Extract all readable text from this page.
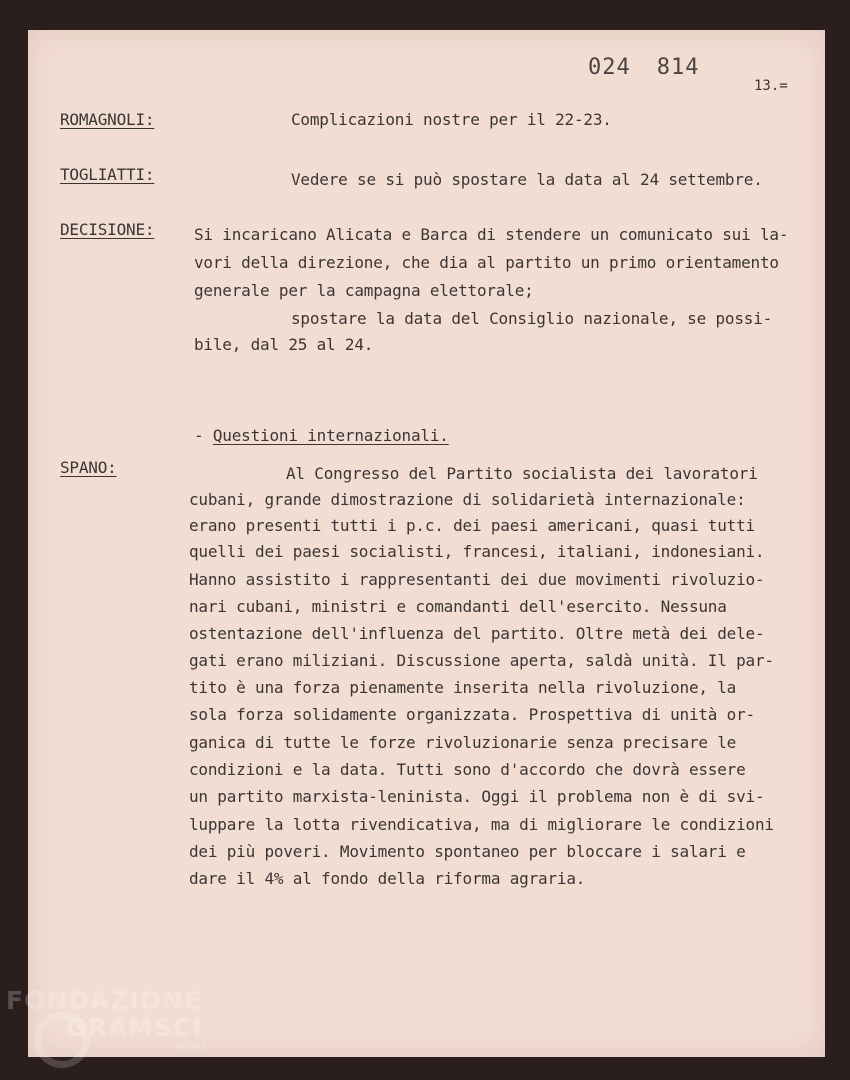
024 814
13.=
ROMAGNOLI:	Complicazioni nostre per il 22-23.
TOGLIATTI:	Vedere se si può spostare la data al 24 settembre.
DECISIONE: Si incaricano Alicata e Barca di stendere un comunicato sui la-
vori della direzione, che dia al partito un primo orientamento
generale per la campagna elettorale;
spostare la data del Consiglio nazionale, se possi-
bile, dal 25 al 24.
- Questioni internazionali.
SPANO:	Al Congresso del Partito socialista dei lavoratori
cubani, grande dimostrazione di solidarietà internazionale:
erano presenti tutti i p.c. dei paesi americani, quasi tutti
quelli dei paesi socialisti, francesi, italiani, indonesiani.
Hanno assistito i rappresentanti dei due movimenti rivoluzio-
nari cubani, ministri e comandanti dell'esercito. Nessuna
ostentazione dell'influenza del partito. Oltre metà dei dele-
gati erano miliziani. Discussione aperta, saldà unità. Il par-
tito è una forza pienamente inserita nella rivoluzione, la
sola forza solidamente organizzata. Prospettiva di unità or-
ganica di tutte le forze rivoluzionarie senza precisare le
condizioni e la data. Tutti sono d'accordo che dovrà essere
un partito marxista-leninista. Oggi il problema non è di svi-
luppare la lotta rivendicativa, ma di migliorare le condizioni
dei più poveri. Movimento spontaneo per bloccare i salari e
dare il 4% al fondo della riforma agraria.
FONDAZIONE
GRAMSCI
onlus
